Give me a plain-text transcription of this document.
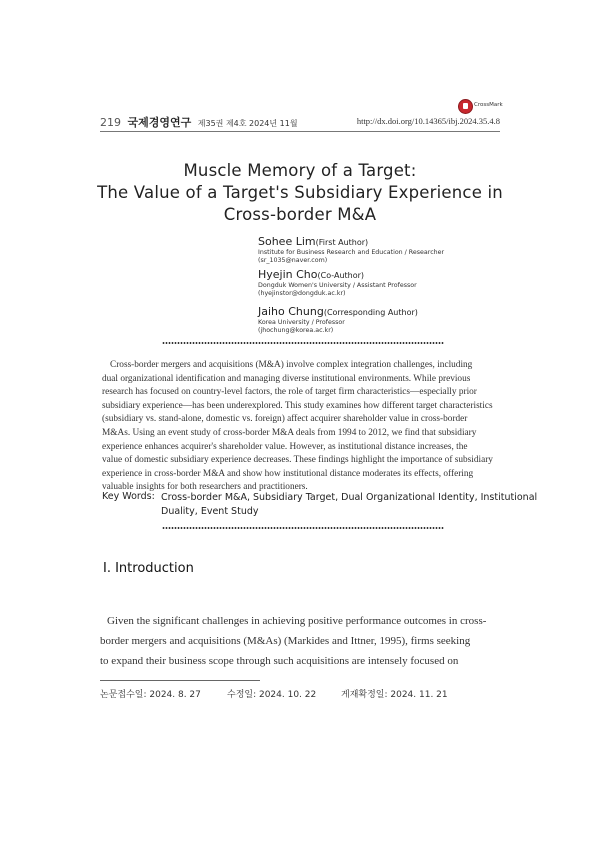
219 국제경영연구 제35권 제4호 2024년 11월	http://dx.doi.org/10.14365/ibj.2024.35.4.8
CrossMark
Muscle Memory of a Target:
The Value of a Target's Subsidiary Experience in
Cross-border M&A
Sohee Lim(First Author)
Institute for Business Research and Education / Researcher
(sr_1035@naver.com)
Hyejin Cho(Co-Author)
Dongduk Women's University / Assistant Professor
(hyejinstor@dongduk.ac.kr)
Jaiho Chung(Corresponding Author)
Korea University / Professor
(jhochung@korea.ac.kr)
Cross-border mergers and acquisitions (M&A) involve complex integration challenges, including
dual organizational identification and managing diverse institutional environments. While previous
research has focused on country-level factors, the role of target firm characteristics—especially prior
subsidiary experience—has been underexplored. This study examines how different target characteristics
(subsidiary vs. stand-alone, domestic vs. foreign) affect acquirer shareholder value in cross-border
M&As. Using an event study of cross-border M&A deals from 1994 to 2012, we find that subsidiary
experience enhances acquirer's shareholder value. However, as institutional distance increases, the
value of domestic subsidiary experience decreases. These findings highlight the importance of subsidiary
experience in cross-border M&A and show how institutional distance moderates its effects, offering
valuable insights for both researchers and practitioners.
Key Words: Cross-border M&A, Subsidiary Target, Dual Organizational Identity, Institutional
Duality, Event Study
Ⅰ. Introduction
Given the significant challenges in achieving positive performance outcomes in cross-
border mergers and acquisitions (M&As) (Markides and Ittner, 1995), firms seeking
to expand their business scope through such acquisitions are intensely focused on
논문접수일: 2024. 8. 27	수정일: 2024. 10. 22	게재확정일: 2024. 11. 21
